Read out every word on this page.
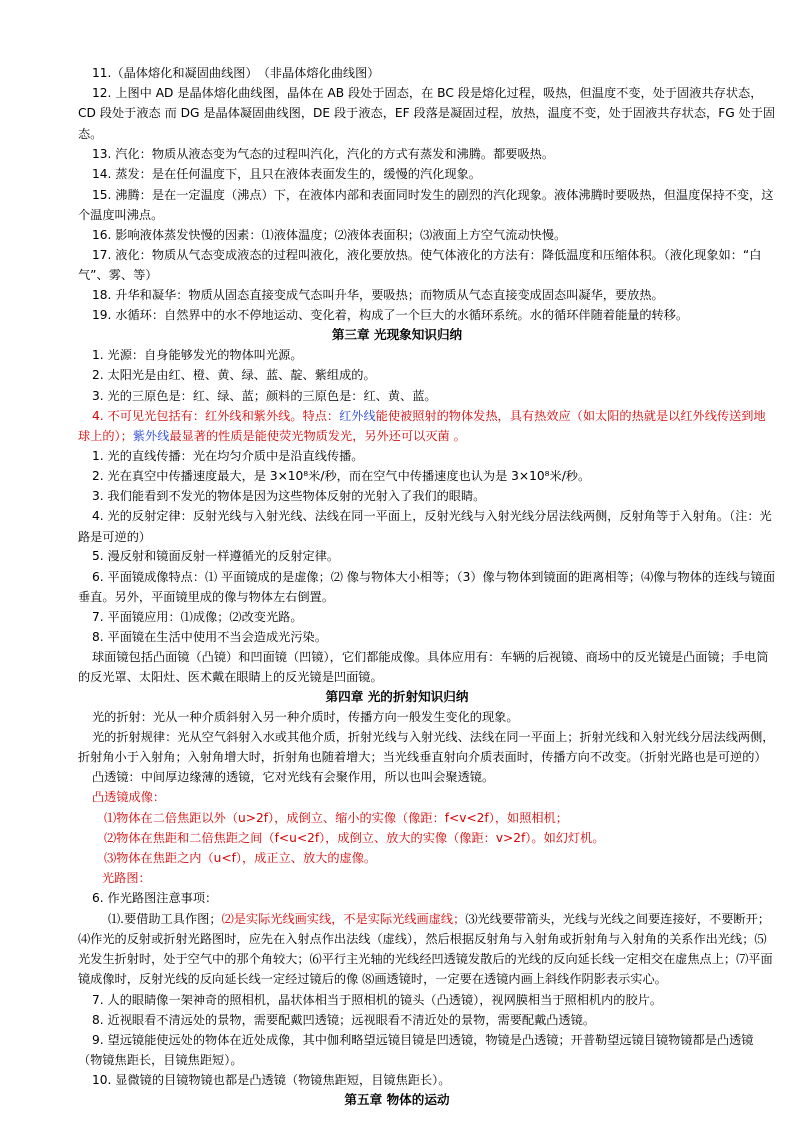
11.（晶体熔化和凝固曲线图）　（非晶体熔化曲线图）

12. 上图中 AD 是晶体熔化曲线图，晶体在 AB 段处于固态，在 BC 段是熔化过程，吸热，但温度不变，处于固液共存状态，CD 段处于液态 而 DG 是晶体凝固曲线图，DE 段于液态，EF 段落是凝固过程，放热，温度不变，处于固液共存状态，FG 处于固态。

13. 汽化：物质从液态变为气态的过程叫汽化，汽化的方式有蒸发和沸腾。都要吸热。

14. 蒸发：是在任何温度下，且只在液体表面发生的，缓慢的汽化现象。

15. 沸腾：是在一定温度（沸点）下，在液体内部和表面同时发生的剧烈的汽化现象。液体沸腾时要吸热，但温度保持不变，这个温度叫沸点。

16. 影响液体蒸发快慢的因素：⑴液体温度；⑵液体表面积；⑶液面上方空气流动快慢。

17. 液化：物质从气态变成液态的过程叫液化，液化要放热。使气体液化的方法有：降低温度和压缩体积。（液化现象如：“白气”、雾、等）

18. 升华和凝华：物质从固态直接变成气态叫升华，要吸热；而物质从气态直接变成固态叫凝华，要放热。

19. 水循环：自然界中的水不停地运动、变化着，构成了一个巨大的水循环系统。水的循环伴随着能量的转移。

第三章 光现象知识归纳

1. 光源：自身能够发光的物体叫光源。

2. 太阳光是由红、橙、黄、绿、蓝、靛、紫组成的。

3. 光的三原色是：红、绿、蓝；颜料的三原色是：红、黄、蓝。

4. 不可见光包括有：红外线和紫外线。特点：红外线能使被照射的物体发热，具有热效应（如太阳的热就是以红外线传送到地球上的）；紫外线最显著的性质是能使荧光物质发光，另外还可以灭菌 。

1. 光的直线传播：光在均匀介质中是沿直线传播。

2. 光在真空中传播速度最大，是 3×10⁸米/秒，而在空气中传播速度也认为是 3×10⁸米/秒。

3. 我们能看到不发光的物体是因为这些物体反射的光射入了我们的眼睛。

4. 光的反射定律：反射光线与入射光线、法线在同一平面上，反射光线与入射光线分居法线两侧，反射角等于入射角。（注：光路是可逆的）

5. 漫反射和镜面反射一样遵循光的反射定律。

6. 平面镜成像特点：⑴ 平面镜成的是虚像；⑵ 像与物体大小相等；（3）像与物体到镜面的距离相等；⑷像与物体的连线与镜面垂直。另外，平面镜里成的像与物体左右倒置。

7. 平面镜应用：⑴成像；⑵改变光路。

8. 平面镜在生活中使用不当会造成光污染。

球面镜包括凸面镜（凸镜）和凹面镜（凹镜），它们都能成像。具体应用有：车辆的后视镜、商场中的反光镜是凸面镜；手电筒的反光罩、太阳灶、医术戴在眼睛上的反光镜是凹面镜。

第四章 光的折射知识归纳

光的折射：光从一种介质斜射入另一种介质时，传播方向一般发生变化的现象。

光的折射规律：光从空气斜射入水或其他介质，折射光线与入射光线、法线在同一平面上；折射光线和入射光线分居法线两侧，折射角小于入射角；入射角增大时，折射角也随着增大；当光线垂直射向介质表面时，传播方向不改变。（折射光路也是可逆的）

凸透镜：中间厚边缘薄的透镜，它对光线有会聚作用，所以也叫会聚透镜。

凸透镜成像：

⑴物体在二倍焦距以外（u>2f），成倒立、缩小的实像（像距：f<v<2f），如照相机；

⑵物体在焦距和二倍焦距之间（f<u<2f），成倒立、放大的实像（像距：v>2f）。如幻灯机。

⑶物体在焦距之内（u<f），成正立、放大的虚像。

光路图：

6. 作光路图注意事项：

⑴.要借助工具作图；⑵是实际光线画实线，不是实际光线画虚线；⑶光线要带箭头，光线与光线之间要连接好，不要断开；⑷作光的反射或折射光路图时，应先在入射点作出法线（虚线），然后根据反射角与入射角或折射角与入射角的关系作出光线；⑸光发生折射时，处于空气中的那个角较大；⑹平行主光轴的光线经凹透镜发散后的光线的反向延长线一定相交在虚焦点上；⑺平面镜成像时，反射光线的反向延长线一定经过镜后的像 ⑻画透镜时，一定要在透镜内画上斜线作阴影表示实心。

7. 人的眼睛像一架神奇的照相机，晶状体相当于照相机的镜头（凸透镜），视网膜相当于照相机内的胶片。

8. 近视眼看不清远处的景物，需要配戴凹透镜；远视眼看不清近处的景物，需要配戴凸透镜。

9. 望远镜能使远处的物体在近处成像，其中伽利略望远镜目镜是凹透镜，物镜是凸透镜；开普勒望远镜目镜物镜都是凸透镜（物镜焦距长，目镜焦距短）。

10. 显微镜的目镜物镜也都是凸透镜（物镜焦距短，目镜焦距长）。

第五章 物体的运动
